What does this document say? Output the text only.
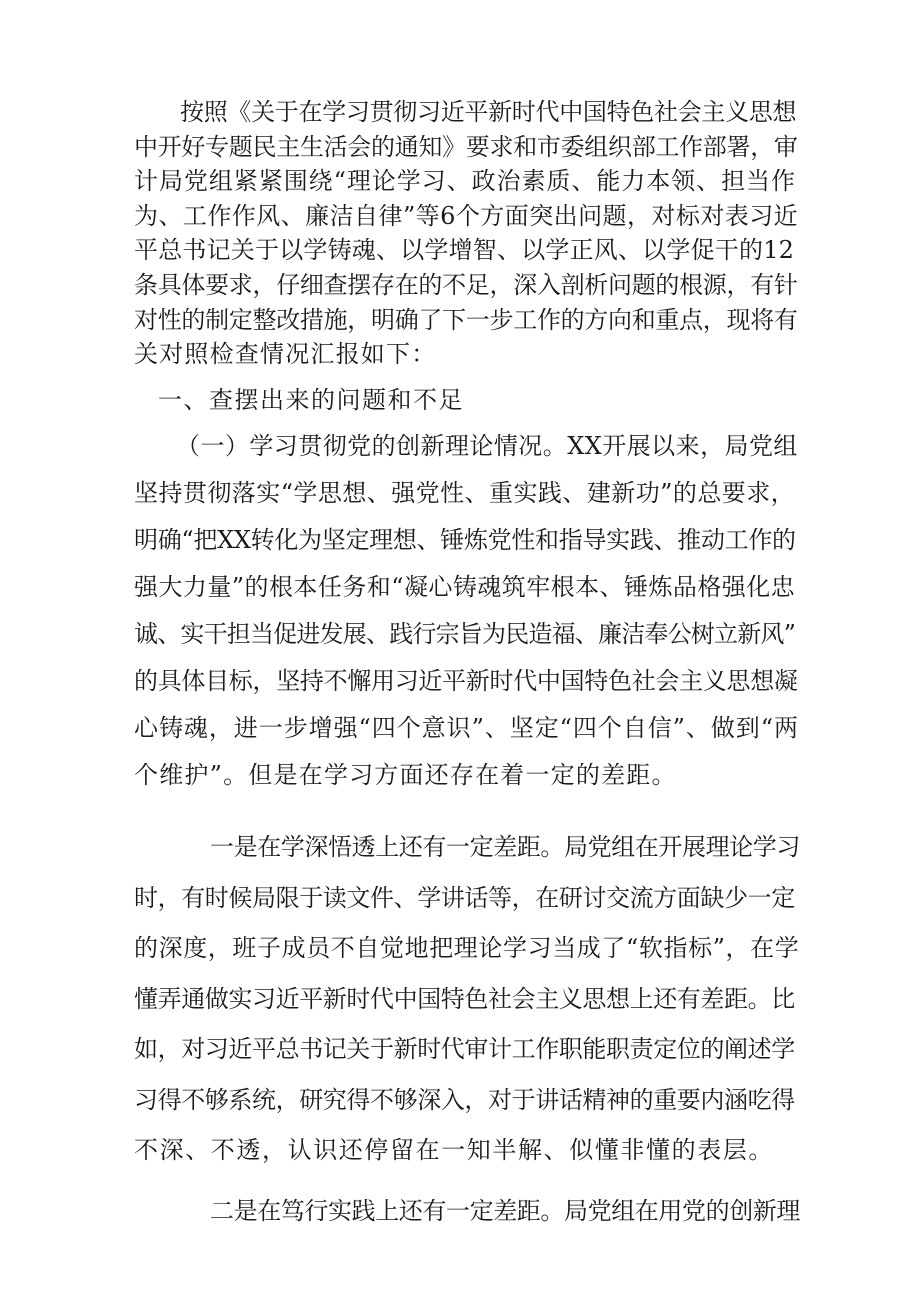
按照《关于在学习贯彻习近平新时代中国特色社会主义思想
中开好专题民主生活会的通知》要求和市委组织部工作部署，审
计局党组紧紧围绕“理论学习、政治素质、能力本领、担当作
为、工作作风、廉洁自律”等6个方面突出问题，对标对表习近
平总书记关于以学铸魂、以学增智、以学正风、以学促干的12
条具体要求，仔细查摆存在的不足，深入剖析问题的根源，有针
对性的制定整改措施，明确了下一步工作的方向和重点，现将有
关对照检查情况汇报如下：
一、查摆出来的问题和不足
（一）学习贯彻党的创新理论情况。XX开展以来，局党组
坚持贯彻落实“学思想、强党性、重实践、建新功”的总要求，
明确“把XX转化为坚定理想、锤炼党性和指导实践、推动工作的
强大力量”的根本任务和“凝心铸魂筑牢根本、锤炼品格强化忠
诚、实干担当促进发展、践行宗旨为民造福、廉洁奉公树立新风”
的具体目标，坚持不懈用习近平新时代中国特色社会主义思想凝
心铸魂，进一步增强“四个意识”、坚定“四个自信”、做到“两
个维护”。但是在学习方面还存在着一定的差距。
一是在学深悟透上还有一定差距。局党组在开展理论学习
时，有时候局限于读文件、学讲话等，在研讨交流方面缺少一定
的深度，班子成员不自觉地把理论学习当成了“软指标”，在学
懂弄通做实习近平新时代中国特色社会主义思想上还有差距。比
如，对习近平总书记关于新时代审计工作职能职责定位的阐述学
习得不够系统，研究得不够深入，对于讲话精神的重要内涵吃得
不深、不透，认识还停留在一知半解、似懂非懂的表层。
二是在笃行实践上还有一定差距。局党组在用党的创新理
